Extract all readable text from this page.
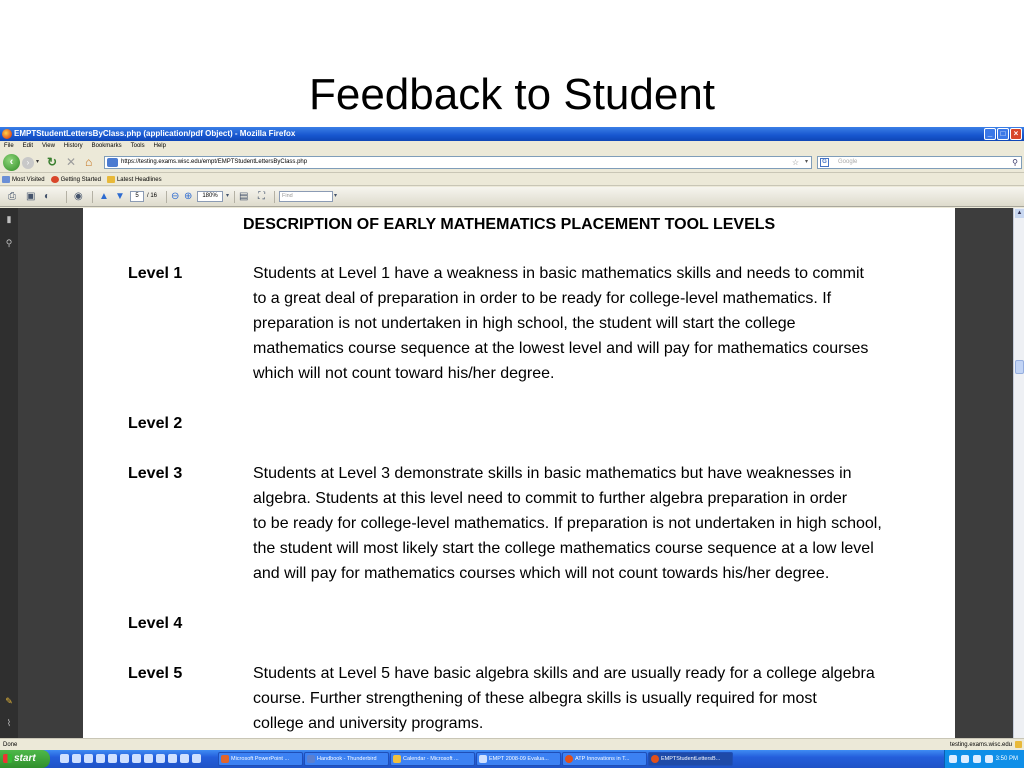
Feedback to Student
EMPTStudentLettersByClass.php (application/pdf Object) - Mozilla Firefox	_	□	×
File Edit View History Bookmarks Tools Help
‹	›	▾ ↻ ✕ ⌂	https://testing.exams.wisc.edu/empt/EMPTStudentLettersByClass.php	☆ ▾	G	Google	⚲
Most Visited	Getting Started	Latest Headlines
⎙ ▣ ◐ ◉ ▲ ▼	5	/ 16 ⊖ ⊕	180%	▾ ▤ ⛶	Find	▾
▮
⚲
✎
⌇
DESCRIPTION OF EARLY MATHEMATICS PLACEMENT TOOL LEVELS
Level 1	Students at Level 1 have a weakness in basic mathematics skills and needs to commit
to a great deal of preparation in order to be ready for college-level mathematics. If
preparation is not undertaken in high school, the student will start the college
mathematics course sequence at the lowest level and will pay for mathematics courses
which will not count toward his/her degree.
Level 2
Level 3	Students at Level 3 demonstrate skills in basic mathematics but have weaknesses in
algebra. Students at this level need to commit to further algebra preparation in order
to be ready for college-level mathematics. If preparation is not undertaken in high school,
the student will most likely start the college mathematics course sequence at a low level
and will pay for mathematics courses which will not count towards his/her degree.
Level 4
Level 5	Students at Level 5 have basic algebra skills and are usually ready for a college algebra
course. Further strengthening of these albegra skills is usually required for most
college and university programs.
▲
Done	testing.exams.wisc.edu
start	Microsoft PowerPoint ...	Handbook - Thunderbird	Calendar - Microsoft ...	EMPT 2008-09 Evalua...	ATP Innovations in T...	EMPTStudentLettersB...	3:50 PM
